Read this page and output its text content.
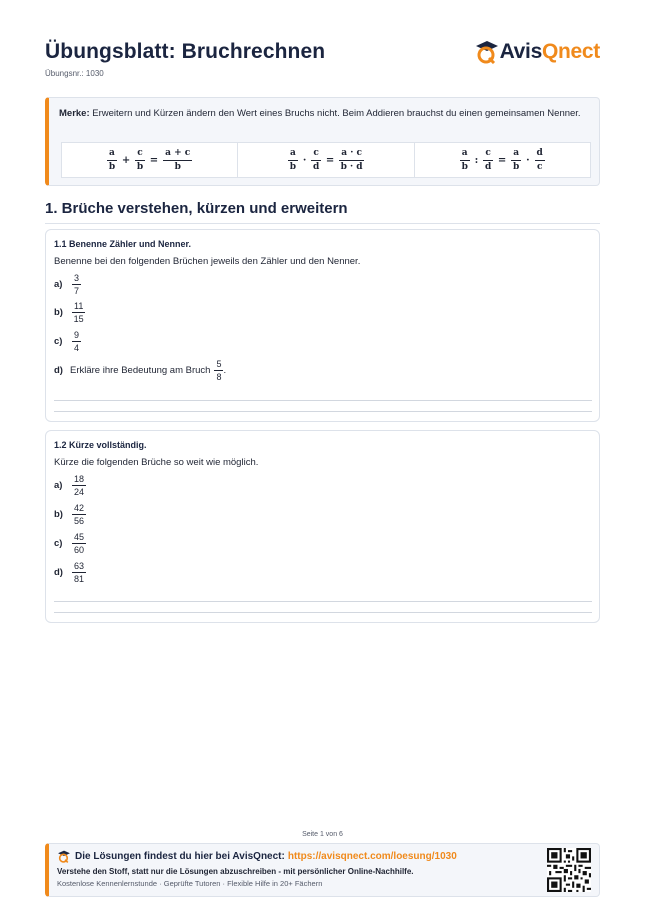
Übungsblatt: Bruchrechnen
Übungsnr.: 1030
AvisQnect
Merke: Erweitern und Kürzen ändern den Wert eines Bruchs nicht. Beim Addieren brauchst du einen gemeinsamen Nenner.
$\frac{a}{b} + \frac{c}{b} = \frac{a + c}{b}$	$\frac{a}{b} \cdot \frac{c}{d} = \frac{a \cdot c}{b \cdot d}$	$\frac{a}{b}$ : $\frac{c}{d} = \frac{a}{b} \cdot \frac{d}{c}$
1. Brüche verstehen, kürzen und erweitern
1.1 Benenne Zähler und Nenner.
Benenne bei den folgenden Brüchen jeweils den Zähler und den Nenner.
a)
3
7
b)
11
15
c)
9
4
d) Erkläre ihre Bedeutung am Bruch
5
8
.
1.2 Kürze vollständig.
Kürze die folgenden Brüche so weit wie möglich.
a)
18
24
b)
42
56
c)
45
60
d)
63
81
Seite 1 von 6
Die Lösungen findest du hier bei AvisQnect: https://avisqnect.com/loesung/1030
Verstehe den Stoff, statt nur die Lösungen abzuschreiben - mit persönlicher Online-Nachhilfe.
Kostenlose Kennenlernstunde · Geprüfte Tutoren · Flexible Hilfe in 20+ Fächern
